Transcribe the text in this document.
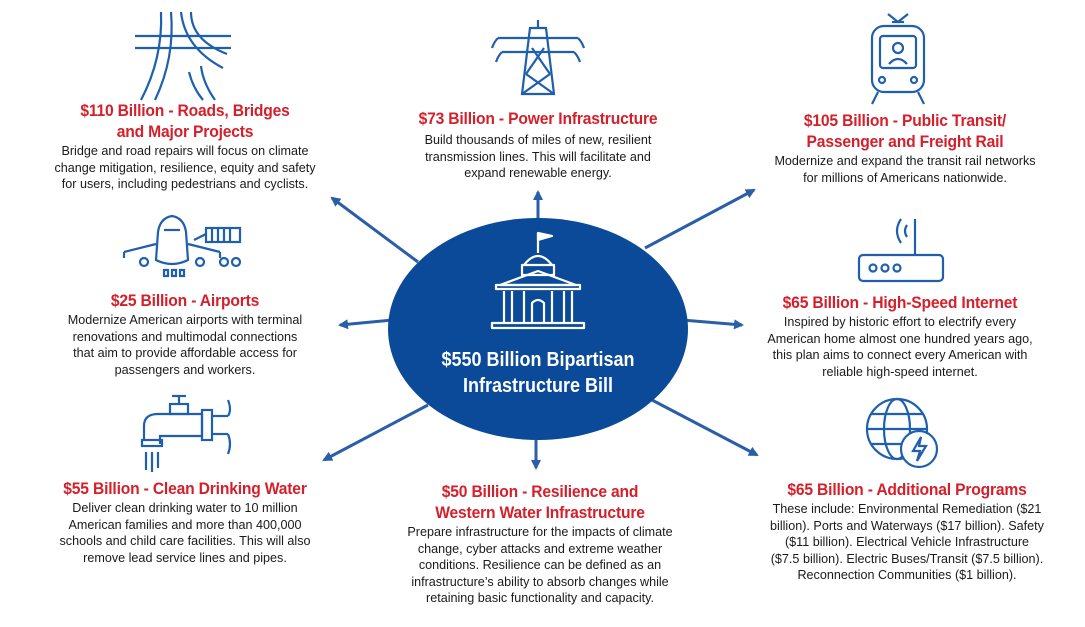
$550 Billion Bipartisan
Infrastructure Bill
$110 Billion - Roads, Bridges
and Major Projects
Bridge and road repairs will focus on climate
change mitigation, resilience, equity and safety
for users, including pedestrians and cyclists.
$73 Billion - Power Infrastructure
Build thousands of miles of new, resilient
transmission lines. This will facilitate and
expand renewable energy.
$105 Billion - Public Transit/
Passenger and Freight Rail
Modernize and expand the transit rail networks
for millions of Americans nationwide.
$25 Billion - Airports
Modernize American airports with terminal
renovations and multimodal connections
that aim to provide affordable access for
passengers and workers.
$65 Billion - High-Speed Internet
Inspired by historic effort to electrify every
American home almost one hundred years ago,
this plan aims to connect every American with
reliable high-speed internet.
$55 Billion - Clean Drinking Water
Deliver clean drinking water to 10 million
American families and more than 400,000
schools and child care facilities. This will also
remove lead service lines and pipes.
$50 Billion - Resilience and
Western Water Infrastructure
Prepare infrastructure for the impacts of climate
change, cyber attacks and extreme weather
conditions. Resilience can be defined as an
infrastructure’s ability to absorb changes while
retaining basic functionality and capacity.
$65 Billion - Additional Programs
These include: Environmental Remediation ($21
billion). Ports and Waterways ($17 billion). Safety
($11 billion). Electrical Vehicle Infrastructure
($7.5 billion). Electric Buses/Transit ($7.5 billion).
Reconnection Communities ($1 billion).
